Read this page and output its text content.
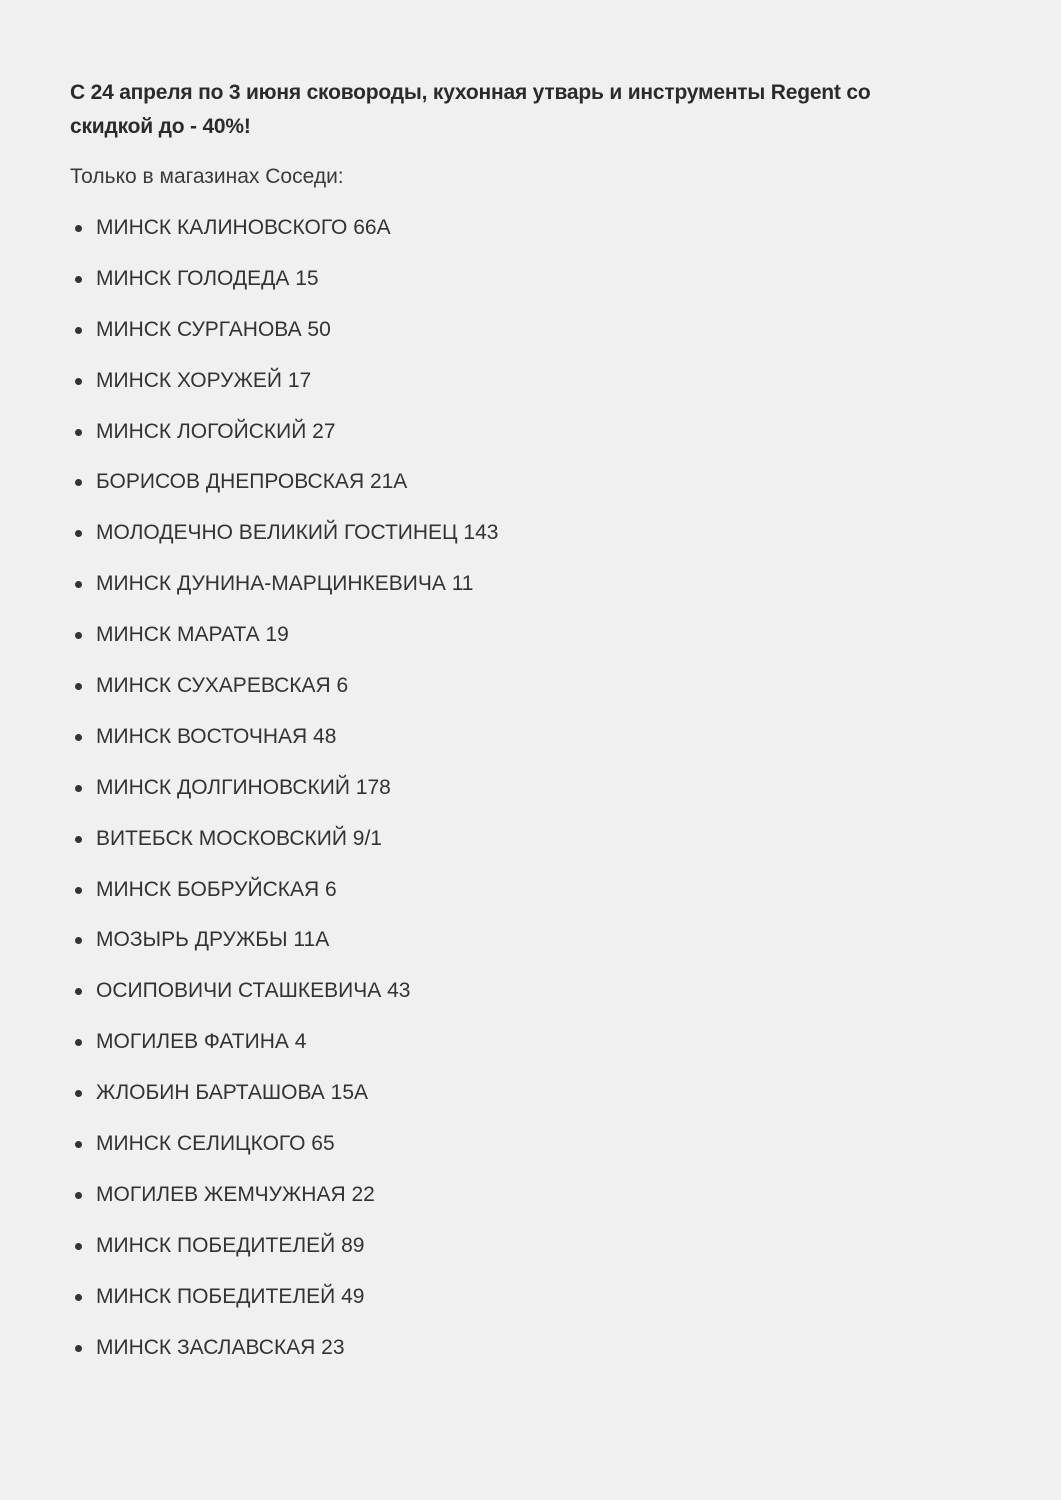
С 24 апреля по 3 июня сковороды, кухонная утварь и инструменты Regent со скидкой до - 40%!

Только в магазинах Соседи:

МИНСК КАЛИНОВСКОГО 66А
МИНСК ГОЛОДЕДА 15
МИНСК СУРГАНОВА 50
МИНСК ХОРУЖЕЙ 17
МИНСК ЛОГОЙСКИЙ 27
БОРИСОВ ДНЕПРОВСКАЯ 21А
МОЛОДЕЧНО ВЕЛИКИЙ ГОСТИНЕЦ 143
МИНСК ДУНИНА-МАРЦИНКЕВИЧА 11
МИНСК МАРАТА 19
МИНСК СУХАРЕВСКАЯ 6
МИНСК ВОСТОЧНАЯ 48
МИНСК ДОЛГИНОВСКИЙ 178
ВИТЕБСК МОСКОВСКИЙ 9/1
МИНСК БОБРУЙСКАЯ 6
МОЗЫРЬ ДРУЖБЫ 11А
ОСИПОВИЧИ СТАШКЕВИЧА 43
МОГИЛЕВ ФАТИНА 4
ЖЛОБИН БАРТАШОВА 15А
МИНСК СЕЛИЦКОГО 65
МОГИЛЕВ ЖЕМЧУЖНАЯ 22
МИНСК ПОБЕДИТЕЛЕЙ 89
МИНСК ПОБЕДИТЕЛЕЙ 49
МИНСК ЗАСЛАВСКАЯ 23
